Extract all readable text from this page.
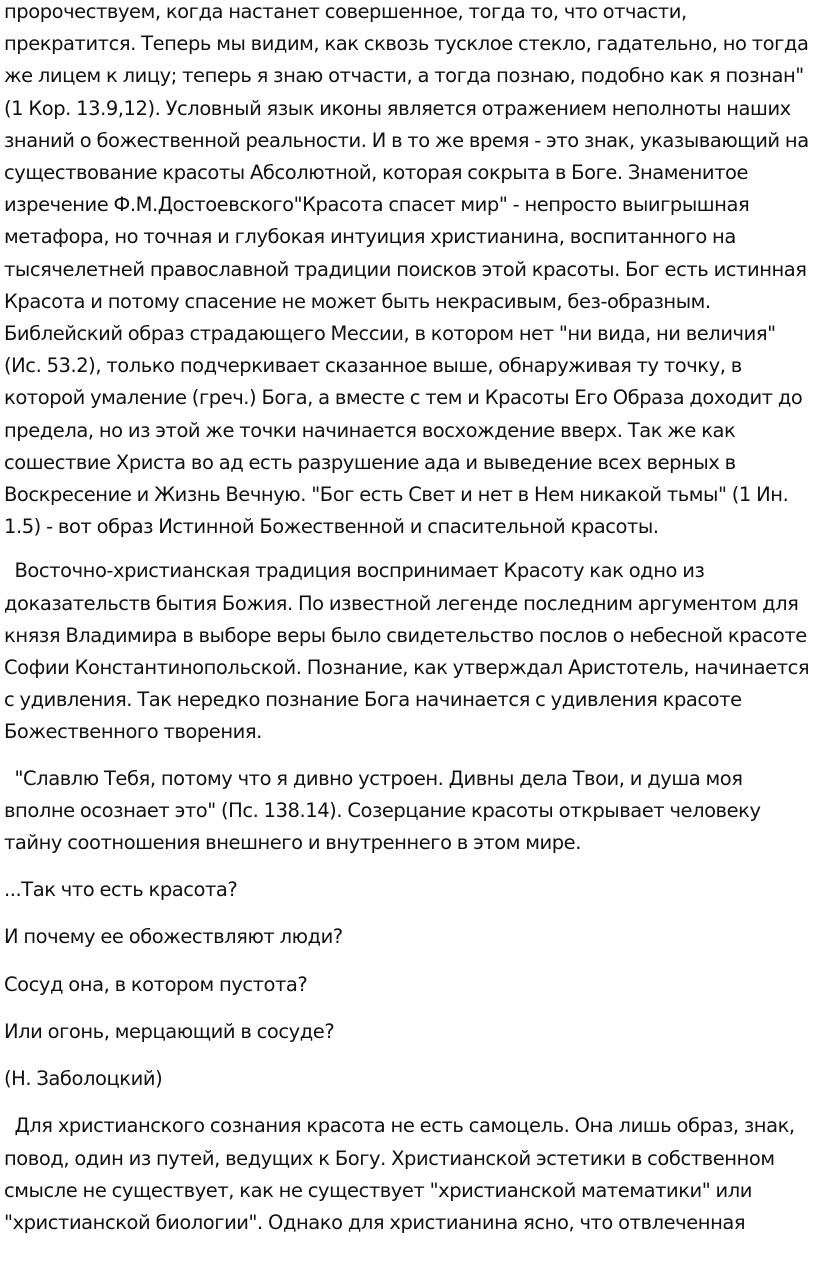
пророчествуем, когда настанет совершенное, тогда то, что отчасти, прекратится. Теперь мы видим, как сквозь тусклое стекло, гадательно, но тогда же лицем к лицу; теперь я знаю отчасти, а тогда познаю, подобно как я познан" (1 Кор. 13.9,12). Условный язык иконы является отражением неполноты наших знаний о божественной реальности. И в то же время - это знак, указывающий на существование красоты Абсолютной, которая сокрыта в Боге. Знаменитое изречение Ф.М.Достоевского"Красота спасет мир" - непросто выигрышная метафора, но точная и глубокая интуиция христианина, воспитанного на тысячелетней православной традиции поисков этой красоты. Бог есть истинная Красота и потому спасение не может быть некрасивым, без-образным. Библейский образ страдающего Мессии, в котором нет "ни вида, ни величия" (Ис. 53.2), только подчеркивает сказанное выше, обнаруживая ту точку, в которой умаление (греч.) Бога, а вместе с тем и Красоты Его Образа доходит до предела, но из этой же точки начинается восхождение вверх. Так же как сошествие Христа во ад есть разрушение ада и выведение всех верных в Воскресение и Жизнь Вечную. "Бог есть Свет и нет в Нем никакой тьмы" (1 Ин. 1.5) - вот образ Истинной Божественной и спасительной красоты.

Восточно-христианская традиция воспринимает Красоту как одно из доказательств бытия Божия. По известной легенде последним аргументом для князя Владимира в выборе веры было свидетельство послов о небесной красоте Софии Константинопольской. Познание, как утверждал Аристотель, начинается с удивления. Так нередко познание Бога начинается с удивления красоте Божественного творения.

"Славлю Тебя, потому что я дивно устроен. Дивны дела Твои, и душа моя вполне осознает это" (Пс. 138.14). Созерцание красоты открывает человеку тайну соотношения внешнего и внутреннего в этом мире.

...Так что есть красота?

И почему ее обожествляют люди?

Сосуд она, в котором пустота?

Или огонь, мерцающий в сосуде?

(Н. Заболоцкий)

Для христианского сознания красота не есть самоцель. Она лишь образ, знак, повод, один из путей, ведущих к Богу. Христианской эстетики в собственном смысле не существует, как не существует "христианской математики" или "христианской биологии". Однако для христианина ясно, что отвлеченная
